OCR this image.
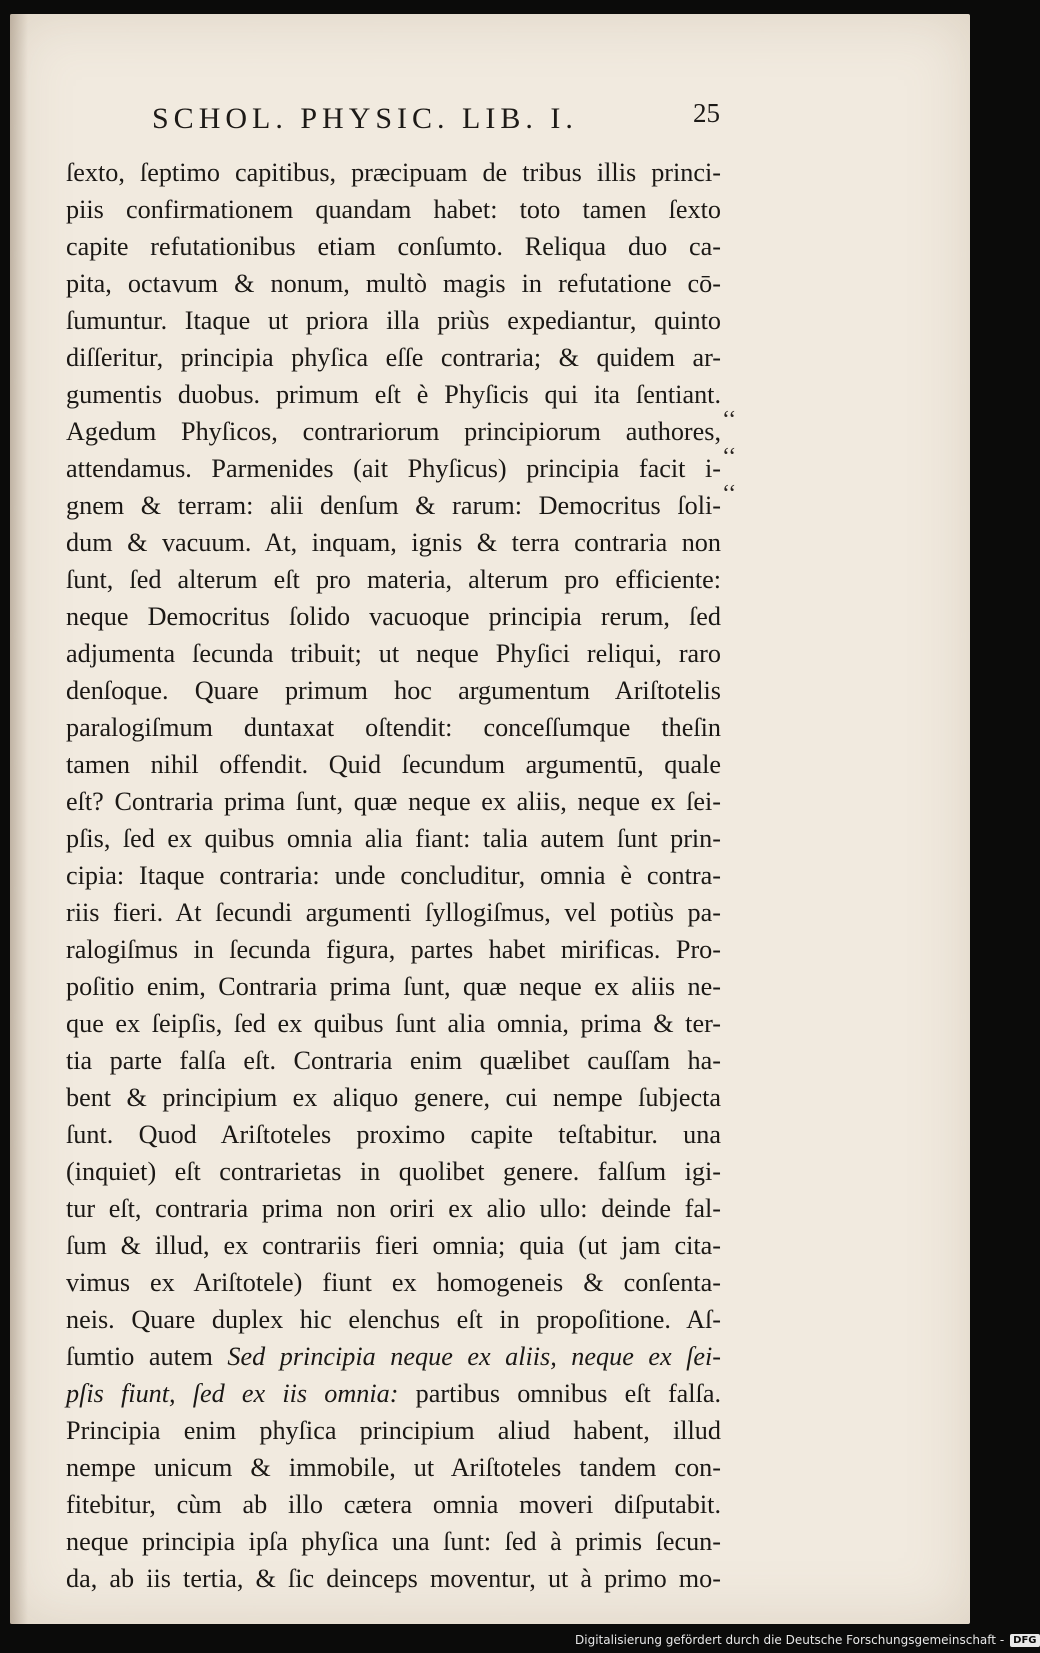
SCHOL. PHYSIC. LIB. I.	25
ſexto, ſeptimo capitibus, præcipuam de tribus illis princi-
piis confirmationem quandam habet: toto tamen ſexto
capite refutationibus etiam conſumto. Reliqua duo ca-
pita, octavum & nonum, multò magis in refutatione cō-
ſumuntur. Itaque ut priora illa priùs expediantur, quinto
diſſeritur, principia phyſica eſſe contraria; & quidem ar-
gumentis duobus. primum eſt è Phyſicis qui ita ſentiant.
Agedum Phyſicos, contrariorum principiorum authores,
attendamus. Parmenides (ait Phyſicus) principia facit i-
gnem & terram: alii denſum & rarum: Democritus ſoli-
dum & vacuum. At, inquam, ignis & terra contraria non
ſunt, ſed alterum eſt pro materia, alterum pro efficiente:
neque Democritus ſolido vacuoque principia rerum, ſed
adjumenta ſecunda tribuit; ut neque Phyſici reliqui, raro
denſoque. Quare primum hoc argumentum Ariſtotelis
paralogiſmum duntaxat oſtendit: conceſſumque theſin
tamen nihil offendit. Quid ſecundum argumentū, quale
eſt? Contraria prima ſunt, quæ neque ex aliis, neque ex ſei-
pſis, ſed ex quibus omnia alia fiant: talia autem ſunt prin-
cipia: Itaque contraria: unde concluditur, omnia è contra-
riis fieri. At ſecundi argumenti ſyllogiſmus, vel potiùs pa-
ralogiſmus in ſecunda figura, partes habet mirificas. Pro-
poſitio enim, Contraria prima ſunt, quæ neque ex aliis ne-
que ex ſeipſis, ſed ex quibus ſunt alia omnia, prima & ter-
tia parte falſa eſt. Contraria enim quælibet cauſſam ha-
bent & principium ex aliquo genere, cui nempe ſubjecta
ſunt. Quod Ariſtoteles proximo capite teſtabitur. una
(inquiet) eſt contrarietas in quolibet genere. falſum igi-
tur eſt, contraria prima non oriri ex alio ullo: deinde fal-
ſum & illud, ex contrariis fieri omnia; quia (ut jam cita-
vimus ex Ariſtotele) fiunt ex homogeneis & conſenta-
neis. Quare duplex hic elenchus eſt in propoſitione. Aſ-
ſumtio autem Sed principia neque ex aliis, neque ex ſei-
pſis fiunt, ſed ex iis omnia: partibus omnibus eſt falſa.
Principia enim phyſica principium aliud habent, illud
nempe unicum & immobile, ut Ariſtoteles tandem con-
fitebitur, cùm ab illo cætera omnia moveri diſputabit.
neque principia ipſa phyſica una ſunt: ſed à primis ſecun-
da, ab iis tertia, & ſic deinceps moventur, ut à primo mo-
‘‘
‘‘
‘‘
Digitalisierung gefördert durch die Deutsche Forschungsgemeinschaft - DFG
